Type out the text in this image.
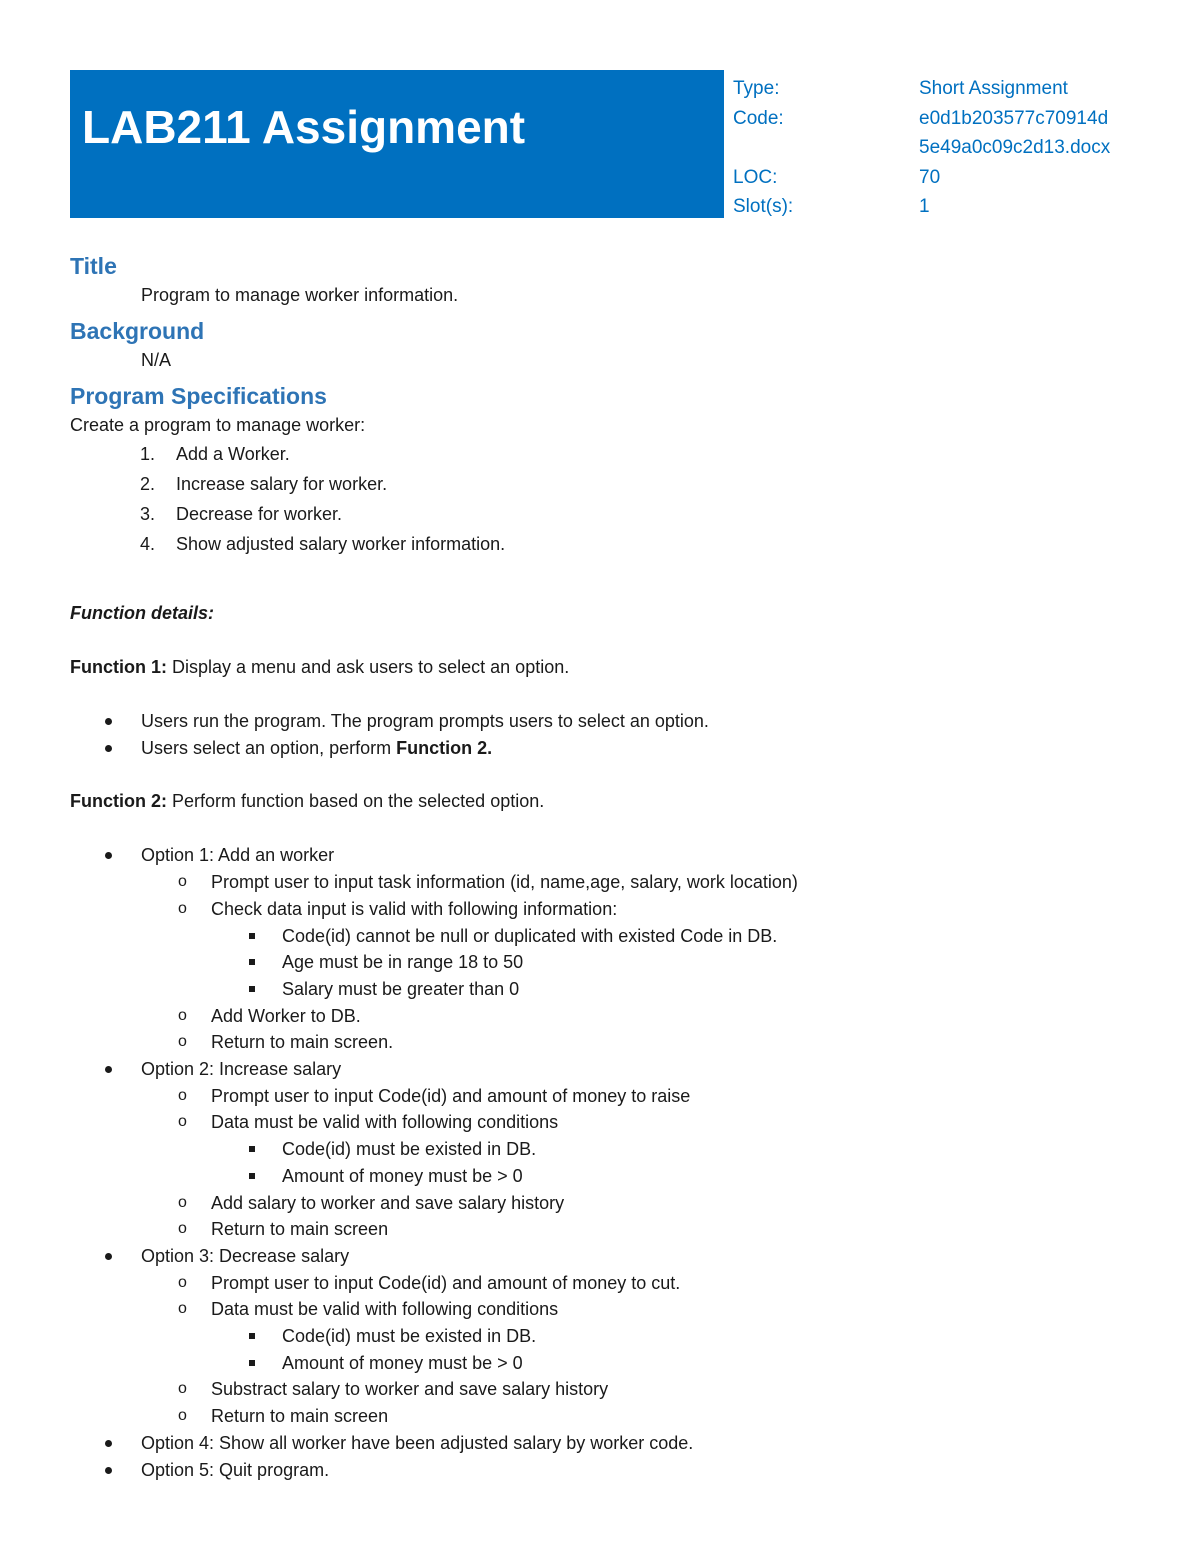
LAB211 Assignment
Type:	Short Assignment
Code:	e0d1b203577c70914d
5e49a0c09c2d13.docx
LOC:	70
Slot(s):	1
Title
Program to manage worker information.
Background
N/A
Program Specifications
Create a program to manage worker:
1.	Add a Worker.
2.	Increase salary for worker.
3.	Decrease for worker.
4.	Show adjusted salary worker information.
Function details:
Function 1: Display a menu and ask users to select an option.
Users run the program. The program prompts users to select an option.
Users select an option, perform Function 2.
Function 2: Perform function based on the selected option.
Option 1: Add an worker
o
Prompt user to input task information (id, name,age, salary, work location)
o
Check data input is valid with following information:
Code(id) cannot be null or duplicated with existed Code in DB.
Age must be in range 18 to 50
Salary must be greater than 0
o
Add Worker to DB.
o
Return to main screen.
Option 2: Increase salary
o
Prompt user to input Code(id) and amount of money to raise
o
Data must be valid with following conditions
Code(id) must be existed in DB.
Amount of money must be > 0
o
Add salary to worker and save salary history
o
Return to main screen
Option 3: Decrease salary
o
Prompt user to input Code(id) and amount of money to cut.
o
Data must be valid with following conditions
Code(id) must be existed in DB.
Amount of money must be > 0
o
Substract salary to worker and save salary history
o
Return to main screen
Option 4: Show all worker have been adjusted salary by worker code.
Option 5: Quit program.
